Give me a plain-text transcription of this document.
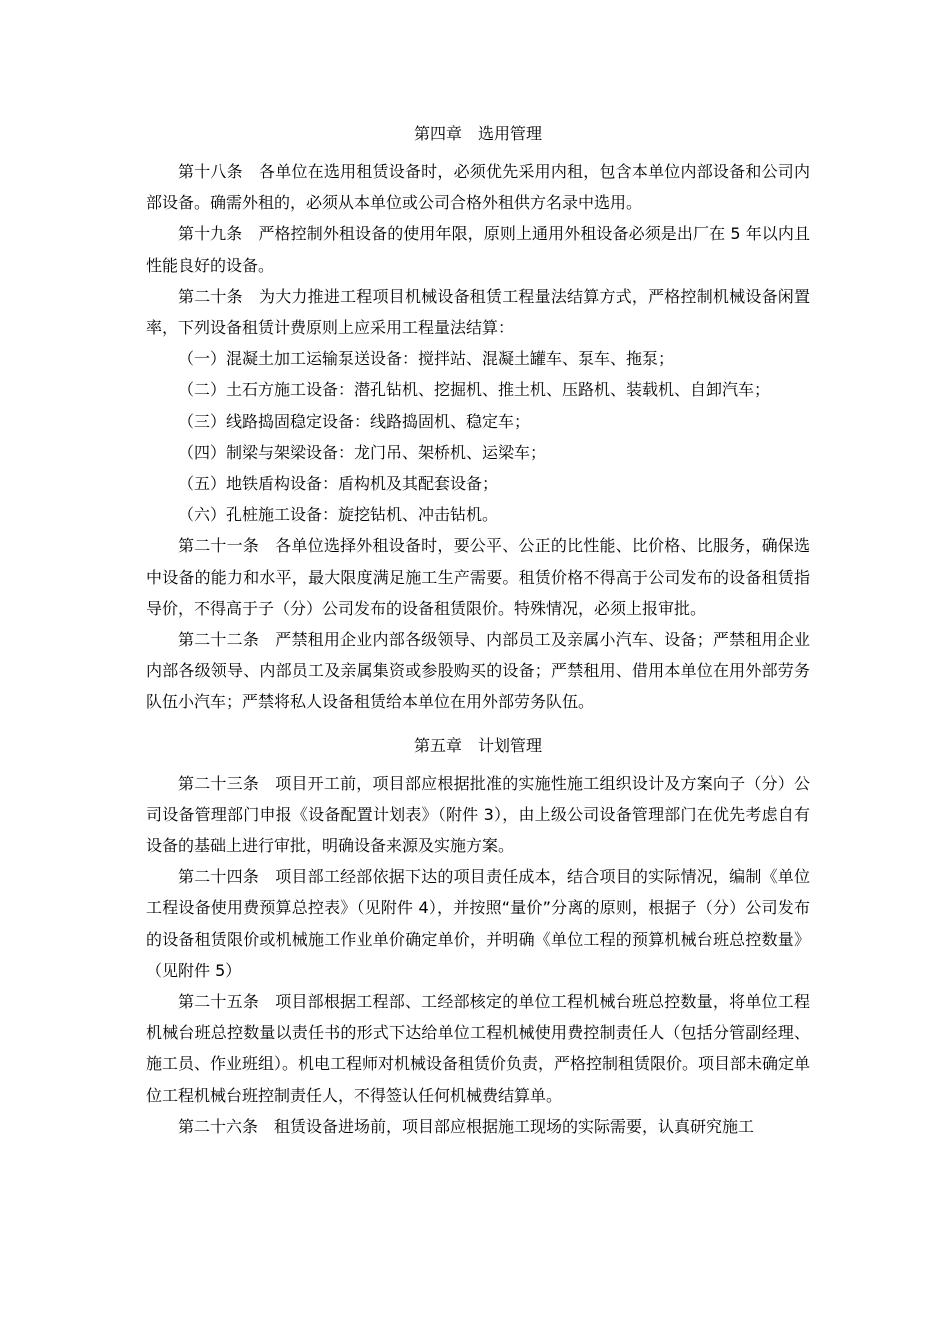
第四章　选用管理

第十八条　各单位在选用租赁设备时，必须优先采用内租，包含本单位内部设备和公司内部设备。确需外租的，必须从本单位或公司合格外租供方名录中选用。

第十九条　严格控制外租设备的使用年限，原则上通用外租设备必须是出厂在 5 年以内且性能良好的设备。

第二十条　为大力推进工程项目机械设备租赁工程量法结算方式，严格控制机械设备闲置率，下列设备租赁计费原则上应采用工程量法结算：

（一）混凝土加工运输泵送设备：搅拌站、混凝土罐车、泵车、拖泵；

（二）土石方施工设备：潜孔钻机、挖掘机、推土机、压路机、装载机、自卸汽车；

（三）线路捣固稳定设备：线路捣固机、稳定车；

（四）制梁与架梁设备：龙门吊、架桥机、运梁车；

（五）地铁盾构设备：盾构机及其配套设备；

（六）孔桩施工设备：旋挖钻机、冲击钻机。

第二十一条　各单位选择外租设备时，要公平、公正的比性能、比价格、比服务，确保选中设备的能力和水平，最大限度满足施工生产需要。租赁价格不得高于公司发布的设备租赁指导价，不得高于子（分）公司发布的设备租赁限价。特殊情况，必须上报审批。

第二十二条　严禁租用企业内部各级领导、内部员工及亲属小汽车、设备；严禁租用企业内部各级领导、内部员工及亲属集资或参股购买的设备；严禁租用、借用本单位在用外部劳务队伍小汽车；严禁将私人设备租赁给本单位在用外部劳务队伍。

第五章　计划管理

第二十三条　项目开工前，项目部应根据批准的实施性施工组织设计及方案向子（分）公司设备管理部门申报《设备配置计划表》（附件 3），由上级公司设备管理部门在优先考虑自有设备的基础上进行审批，明确设备来源及实施方案。

第二十四条　项目部工经部依据下达的项目责任成本，结合项目的实际情况，编制《单位工程设备使用费预算总控表》（见附件 4），并按照“量价”分离的原则，根据子（分）公司发布的设备租赁限价或机械施工作业单价确定单价，并明确《单位工程的预算机械台班总控数量》（见附件 5）

第二十五条　项目部根据工程部、工经部核定的单位工程机械台班总控数量，将单位工程机械台班总控数量以责任书的形式下达给单位工程机械使用费控制责任人（包括分管副经理、施工员、作业班组）。机电工程师对机械设备租赁价负责，严格控制租赁限价。项目部未确定单位工程机械台班控制责任人，不得签认任何机械费结算单。

第二十六条　租赁设备进场前，项目部应根据施工现场的实际需要，认真研究施工
